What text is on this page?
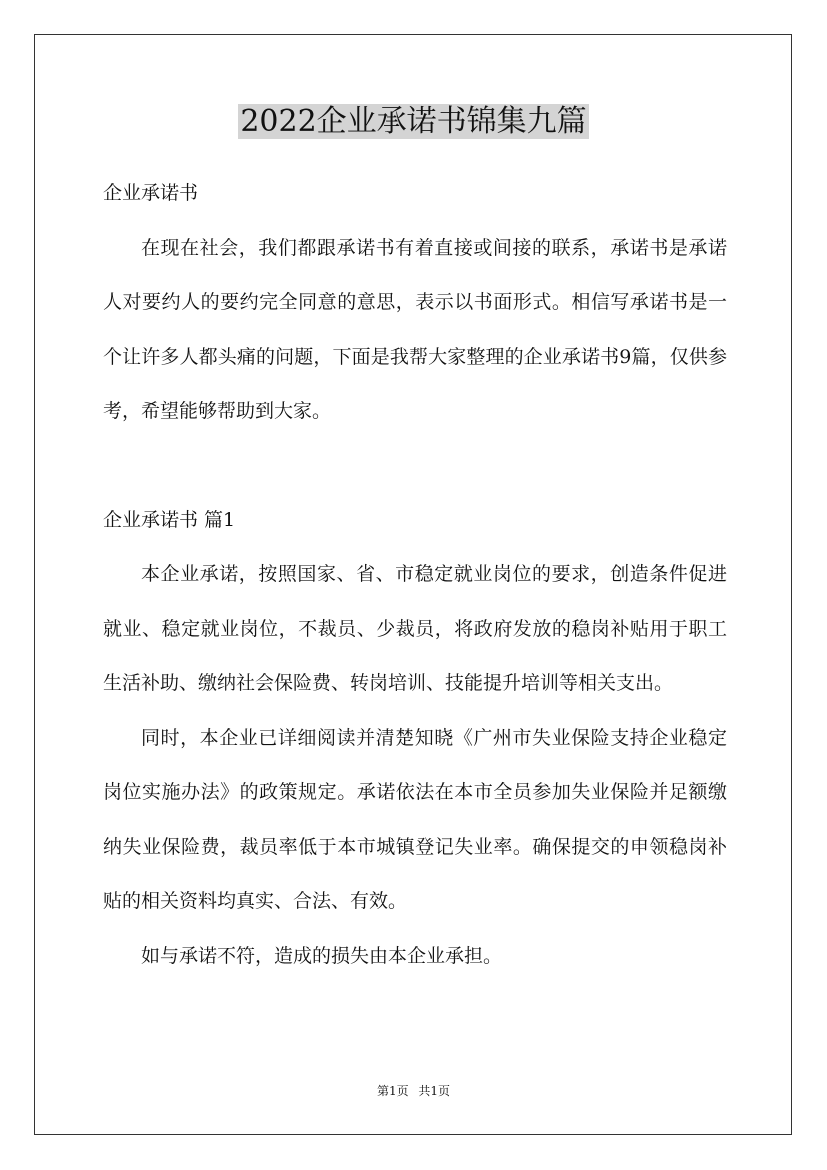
2022企业承诺书锦集九篇

企业承诺书

在现在社会，我们都跟承诺书有着直接或间接的联系，承诺书是承诺人对要约人的要约完全同意的意思，表示以书面形式。相信写承诺书是一个让许多人都头痛的问题，下面是我帮大家整理的企业承诺书9篇，仅供参考，希望能够帮助到大家。

企业承诺书 篇1

本企业承诺，按照国家、省、市稳定就业岗位的要求，创造条件促进就业、稳定就业岗位，不裁员、少裁员，将政府发放的稳岗补贴用于职工生活补助、缴纳社会保险费、转岗培训、技能提升培训等相关支出。

同时，本企业已详细阅读并清楚知晓《广州市失业保险支持企业稳定岗位实施办法》的政策规定。承诺依法在本市全员参加失业保险并足额缴纳失业保险费，裁员率低于本市城镇登记失业率。确保提交的申领稳岗补贴的相关资料均真实、合法、有效。

如与承诺不符，造成的损失由本企业承担。

第1页 共1页
